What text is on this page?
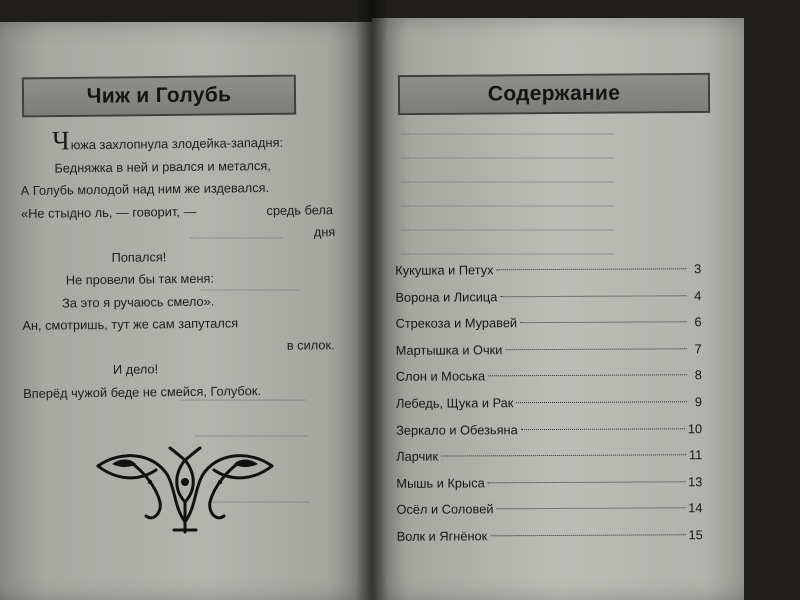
━━━━━━━━━━━━━━
━━━━━━━━━━━━━━━
━━━━━━━━━━━━━━━━━━━
━━━━━━━━━━━━━━━━━
━━━━━━━━━━━━━━━
━━━━━━━━━━━━━━━━━━━━━━━━━━━━━━━━
━━━━━━━━━━━━━━━━━━━━━━━━━━━━━━━━
━━━━━━━━━━━━━━━━━━━━━━━━━━━━━━━━
━━━━━━━━━━━━━━━━━━━━━━━━━━━━━━━━
━━━━━━━━━━━━━━━━━━━━━━━━━━━━━━━━
━━━━━━━━━━━━━━━━━━━━━━━━━━━━━━━━
Чиж и Голубь
Чюжа захлопнула злодейка-западня:
Бедняжка в ней и рвался и метался,
А Голубь молодой над ним же издевался.
«Не стыдно ль, — говорит, —	средь бела
дня
Попался!
Не провели бы так меня:
За это я ручаюсь смело».
Ан, смотришь, тут же сам запутался
в силок.
И дело!
Вперёд чужой беде не смейся, Голубок.
Содержание
Кукушка и Петух	3
Ворона и Лисица	4
Стрекоза и Муравей	6
Мартышка и Очки	7
Слон и Моська	8
Лебедь, Щука и Рак	9
Зеркало и Обезьяна	10
Ларчик	11
Мышь и Крыса	13
Осёл и Соловей	14
Волк и Ягнёнок	15
